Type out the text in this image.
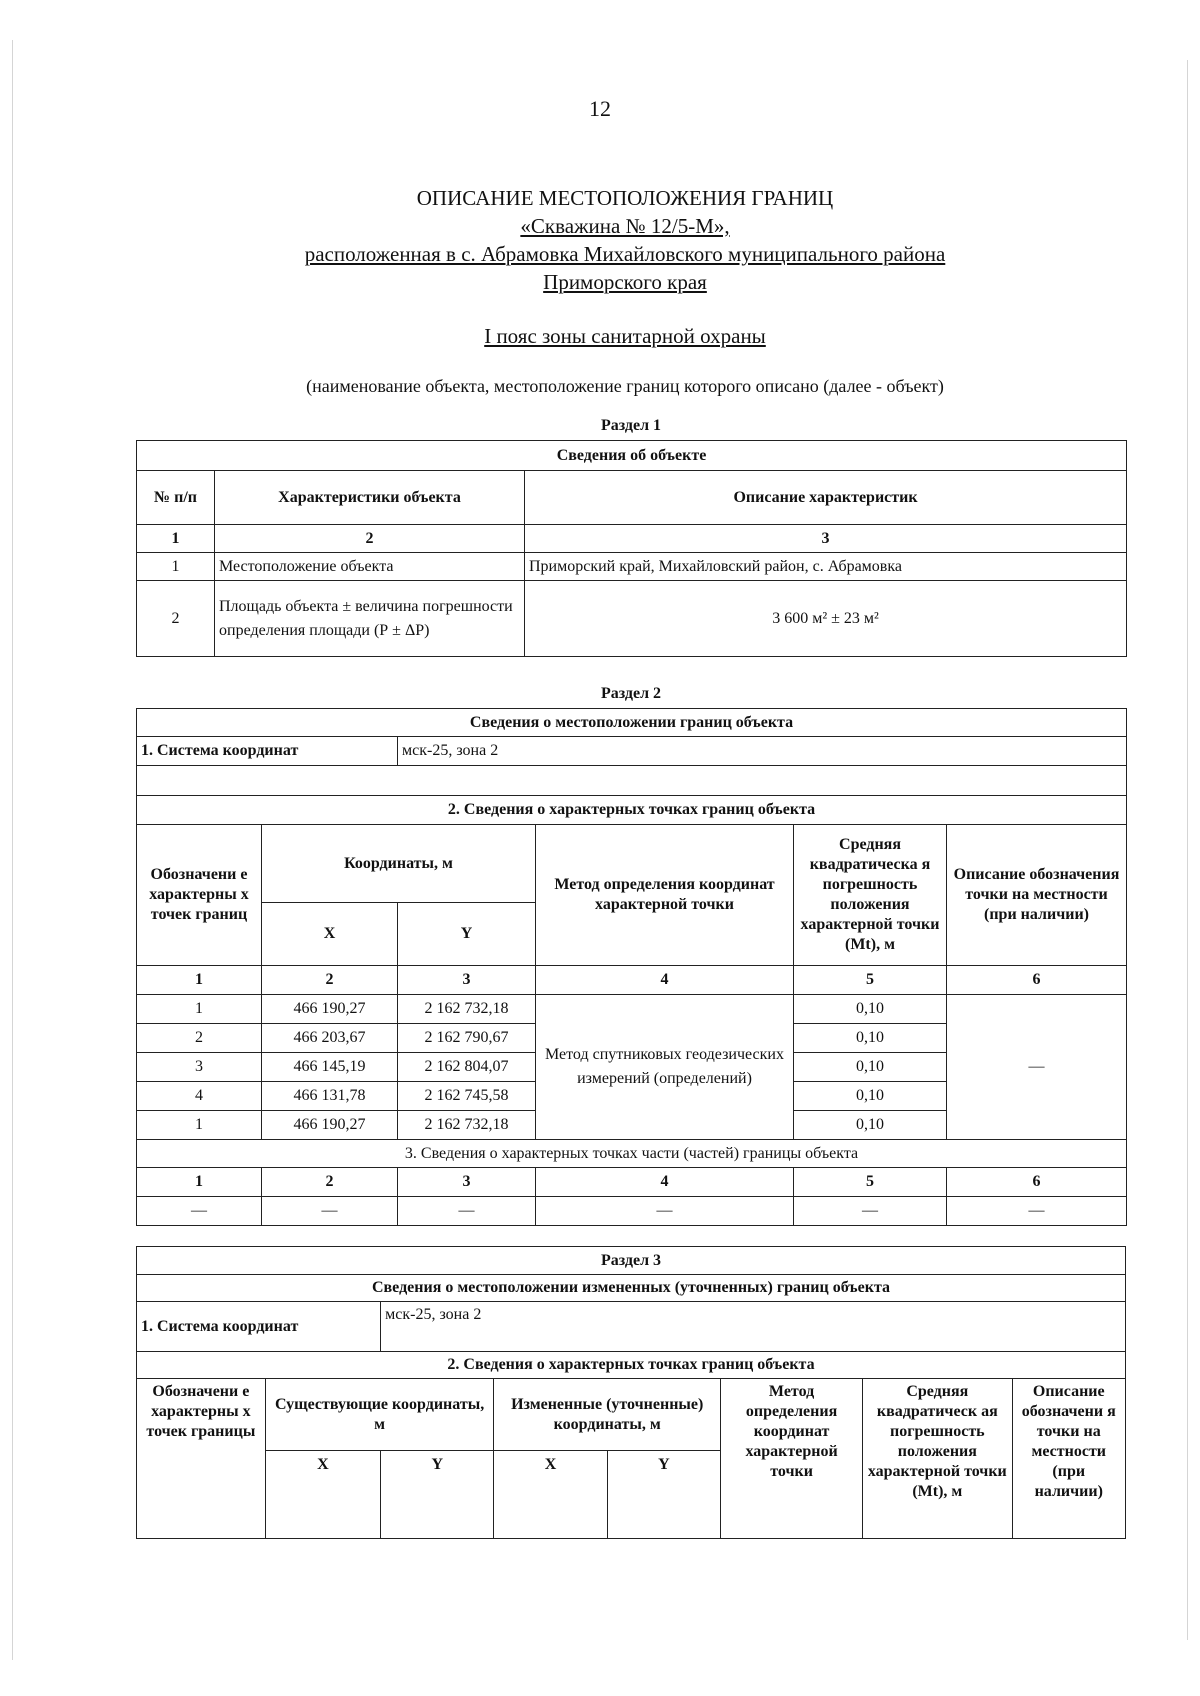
12
ОПИСАНИЕ МЕСТОПОЛОЖЕНИЯ ГРАНИЦ
«Скважина № 12/5-М»,
расположенная в с. Абрамовка Михайловского муниципального района
Приморского края
I пояс зоны санитарной охраны
(наименование объекта, местоположение границ которого описано (далее - объект)
Раздел 1
Сведения об объекте		
№ п/п	Характеристики объекта	Описание характеристик
1	2	3
1	Местоположение объекта	Приморский край, Михайловский район, с. Абрамовка
2	Площадь объекта ± величина погрешности определения площади (Р ± ΔР)	3 600 м² ± 23 м²
Раздел 2
Сведения о местоположении границ объекта					
1. Система координат		мск-25, зона 2			

2. Сведения о характерных точках границ объекта					
Обозначени е характерны х точек границ	Координаты, м		Метод определения координат характерной точки	Средняя квадратическа я погрешность положения характерной точки (Mt), м	Описание обозначения точки на местности (при наличии)
	X	Y			
1	2	3	4	5	6
1	466 190,27	2 162 732,18	Метод спутниковых геодезических измерений (определений)	0,10	—
2	466 203,67	2 162 790,67		0,10	
3	466 145,19	2 162 804,07		0,10	
4	466 131,78	2 162 745,58		0,10	
1	466 190,27	2 162 732,18		0,10	
3. Сведения о характерных точках части (частей) границы объекта					
1	2	3	4	5	6
—	—	—	—	—	—
Раздел 3							
Сведения о местоположении измененных (уточненных) границ объекта							
1. Система координат		мск-25, зона 2					
2. Сведения о характерных точках границ объекта							
Обозначени е характерны х точек границы	Существующие координаты, м		Измененные (уточненные) координаты, м		Метод определения координат характерной точки	Средняя квадратическ ая погрешность положения характерной точки (Mt), м	Описание обозначени я точки на местности (при наличии)
	X	Y	X	Y			
